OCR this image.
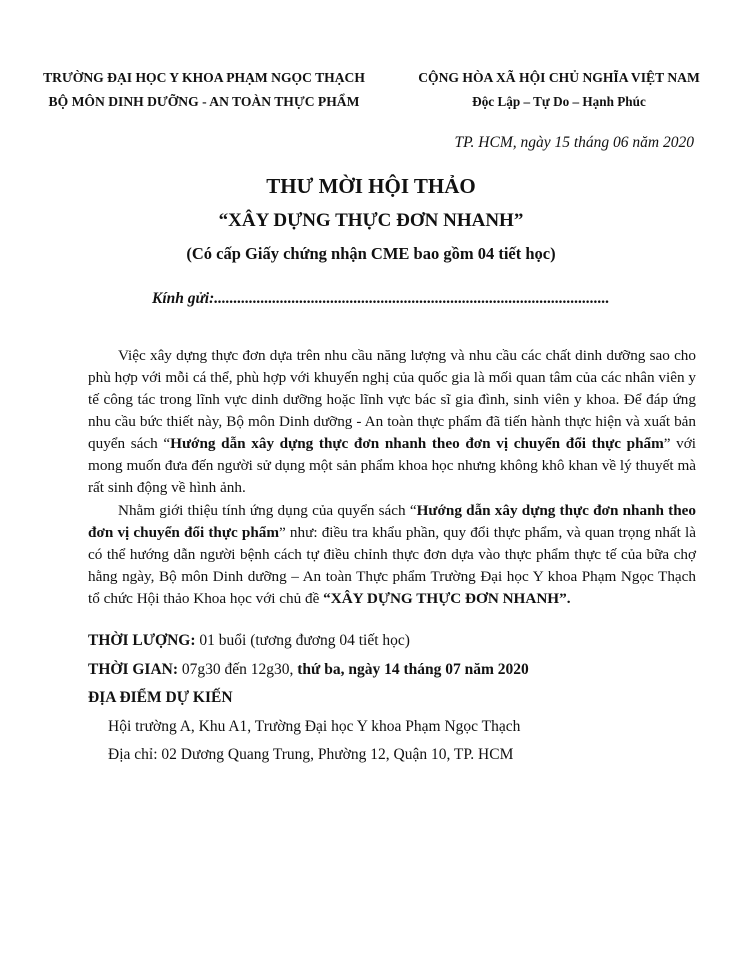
TRƯỜNG ĐẠI HỌC Y KHOA PHẠM NGỌC THẠCH
BỘ MÔN DINH DƯỠNG - AN TOÀN THỰC PHẨM
CỘNG HÒA XÃ HỘI CHỦ NGHĨA VIỆT NAM
Độc Lập – Tự Do – Hạnh Phúc
TP. HCM, ngày 15 tháng 06 năm 2020
THƯ MỜI HỘI THẢO
“XÂY DỰNG THỰC ĐƠN NHANH”
(Có cấp Giấy chứng nhận CME bao gồm 04 tiết học)
Kính gửi:......................................................................................................
Việc xây dựng thực đơn dựa trên nhu cầu năng lượng và nhu cầu các chất dinh dưỡng sao cho phù hợp với mỗi cá thể, phù hợp với khuyến nghị của quốc gia là mối quan tâm của các nhân viên y tế công tác trong lĩnh vực dinh dưỡng hoặc lĩnh vực bác sĩ gia đình, sinh viên y khoa. Để đáp ứng nhu cầu bức thiết này, Bộ môn Dinh dưỡng - An toàn thực phẩm đã tiến hành thực hiện và xuất bản quyển sách “Hướng dẫn xây dựng thực đơn nhanh theo đơn vị chuyển đổi thực phẩm” với mong muốn đưa đến người sử dụng một sản phẩm khoa học nhưng không khô khan về lý thuyết mà rất sinh động về hình ảnh.
Nhằm giới thiệu tính ứng dụng của quyển sách “Hướng dẫn xây dựng thực đơn nhanh theo đơn vị chuyển đổi thực phẩm” như: điều tra khẩu phần, quy đổi thực phẩm, và quan trọng nhất là có thể hướng dẫn người bệnh cách tự điều chỉnh thực đơn dựa vào thực phẩm thực tế của bữa chợ hằng ngày, Bộ môn Dinh dưỡng – An toàn Thực phẩm Trường Đại học Y khoa Phạm Ngọc Thạch tổ chức Hội thảo Khoa học với chủ đề “XÂY DỰNG THỰC ĐƠN NHANH”.
THỜI LƯỢNG: 01 buổi (tương đương 04 tiết học)
THỜI GIAN: 07g30 đến 12g30, thứ ba, ngày 14 tháng 07 năm 2020
ĐỊA ĐIỂM DỰ KIẾN
Hội trường A, Khu A1, Trường Đại học Y khoa Phạm Ngọc Thạch
Địa chỉ: 02 Dương Quang Trung, Phường 12, Quận 10, TP. HCM
